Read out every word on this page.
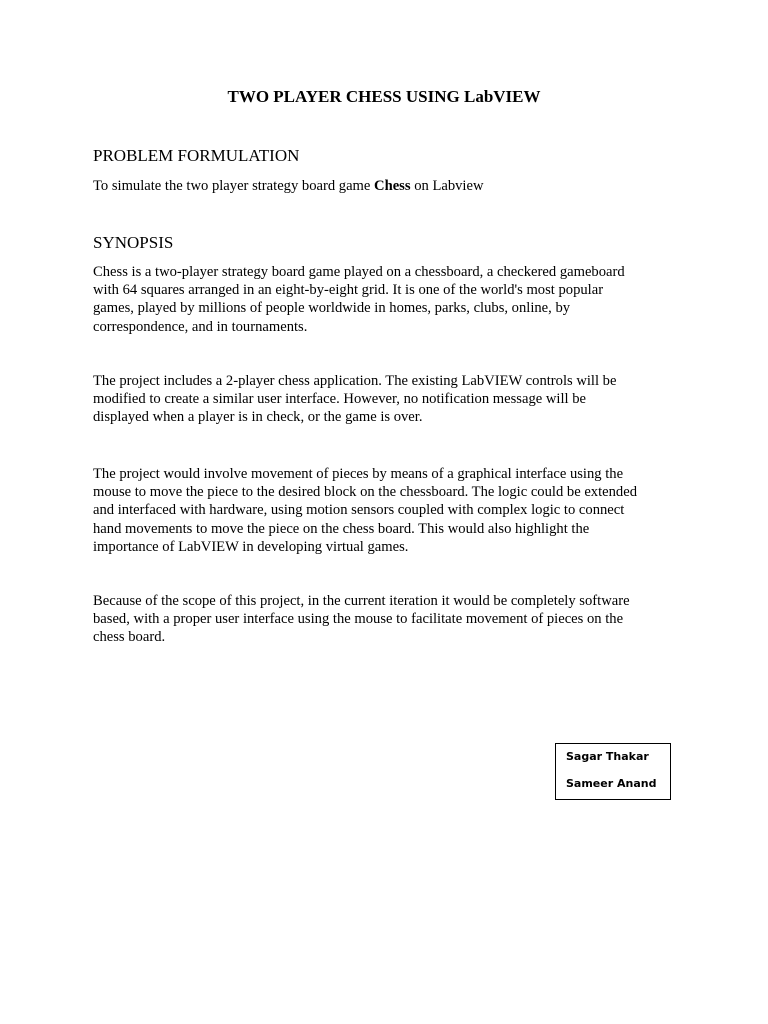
TWO PLAYER CHESS USING LabVIEW
PROBLEM FORMULATION
To simulate the two player strategy board game Chess on Labview
SYNOPSIS
Chess is a two-player strategy board game played on a chessboard, a checkered gameboard
with 64 squares arranged in an eight-by-eight grid. It is one of the world's most popular
games, played by millions of people worldwide in homes, parks, clubs, online, by
correspondence, and in tournaments.
The project includes a 2-player chess application. The existing LabVIEW controls will be
modified to create a similar user interface. However, no notification message will be
displayed when a player is in check, or the game is over.
The project would involve movement of pieces by means of a graphical interface using the
mouse to move the piece to the desired block on the chessboard. The logic could be extended
and interfaced with hardware, using motion sensors coupled with complex logic to connect
hand movements to move the piece on the chess board. This would also highlight the
importance of LabVIEW in developing virtual games.
Because of the scope of this project, in the current iteration it would be completely software
based, with a proper user interface using the mouse to facilitate movement of pieces on the
chess board.
Sagar Thakar
Sameer Anand
